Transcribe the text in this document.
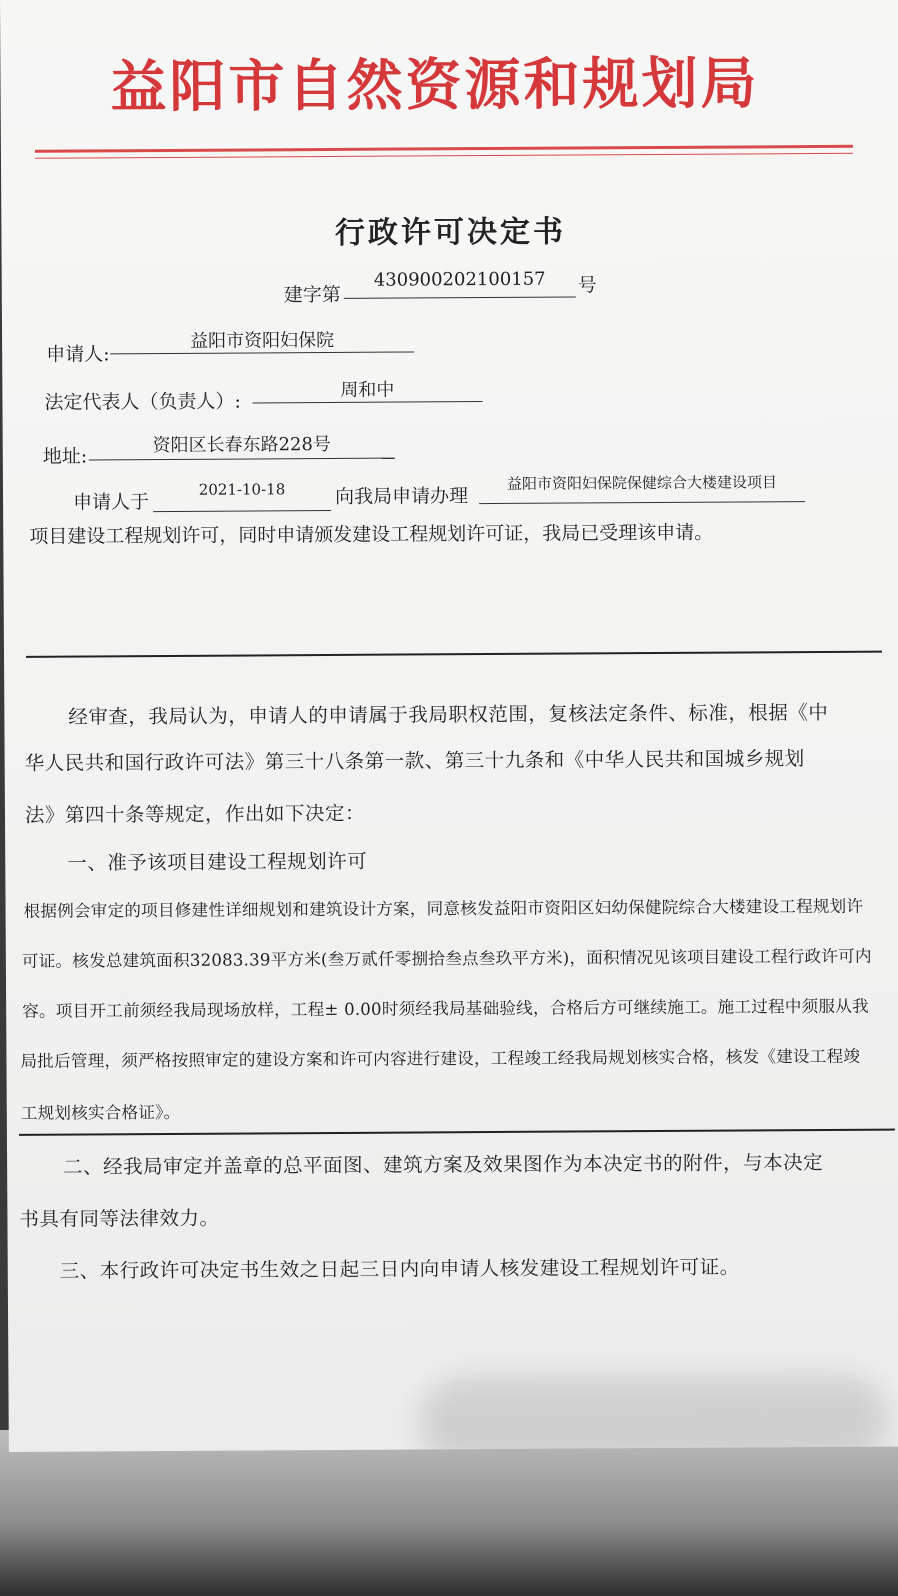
益阳市自然资源和规划局
行政许可决定书
建字第
430900202100157	号
申请人:
益阳市资阳妇保院
法定代表人（负责人）:
周和中
地址:
资阳区长春东路228号
申请人于
2021-10-18	向我局申请办理
益阳市资阳妇保院保健综合大楼建设项目
项目建设工程规划许可，同时申请颁发建设工程规划许可证，我局已受理该申请。
经审查，我局认为，申请人的申请属于我局职权范围，复核法定条件、标准，根据《中
华人民共和国行政许可法》第三十八条第一款、第三十九条和《中华人民共和国城乡规划
法》第四十条等规定，作出如下决定：
一、准予该项目建设工程规划许可
根据例会审定的项目修建性详细规划和建筑设计方案，同意核发益阳市资阳区妇幼保健院综合大楼建设工程规划许
可证。核发总建筑面积32083.39平方米(叁万贰仟零捌拾叁点叁玖平方米)，面积情况见该项目建设工程行政许可内
容。项目开工前须经我局现场放样，工程± 0.00时须经我局基础验线，合格后方可继续施工。施工过程中须服从我
局批后管理，须严格按照审定的建设方案和许可内容进行建设，工程竣工经我局规划核实合格，核发《建设工程竣
工规划核实合格证》。
二、经我局审定并盖章的总平面图、建筑方案及效果图作为本决定书的附件，与本决定
书具有同等法律效力。
三、本行政许可决定书生效之日起三日内向申请人核发建设工程规划许可证。
